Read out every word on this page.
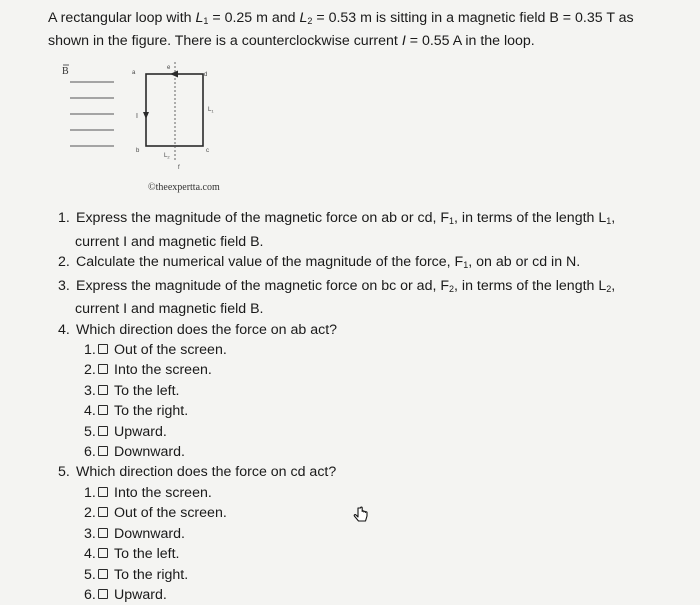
A rectangular loop with $L_1 = 0.25$ m and $L_2 = 0.53$ m is sitting in a magnetic field B = 0.35 T as
shown in the figure. There is a counterclockwise current I = 0.55 A in the loop.
B	a
b	c
d
e
f
I
$L_1$
$L_2$
©theexpertta.com
1. Express the magnitude of the magnetic force on ab or cd, $F_1$, in terms of the length $L_1$,
current I and magnetic field B.
2. Calculate the numerical value of the magnitude of the force, $F_1$, on ab or cd in N.
3. Express the magnitude of the magnetic force on bc or ad, $F_2$, in terms of the length $L_2$,
current I and magnetic field B.
4. Which direction does the force on ab act?
1. Out of the screen.
2. Into the screen.
3. To the left.
4. To the right.
5. Upward.
6. Downward.
5. Which direction does the force on cd act?
1. Into the screen.
2. Out of the screen.
3. Downward.
4. To the left.
5. To the right.
6. Upward.
